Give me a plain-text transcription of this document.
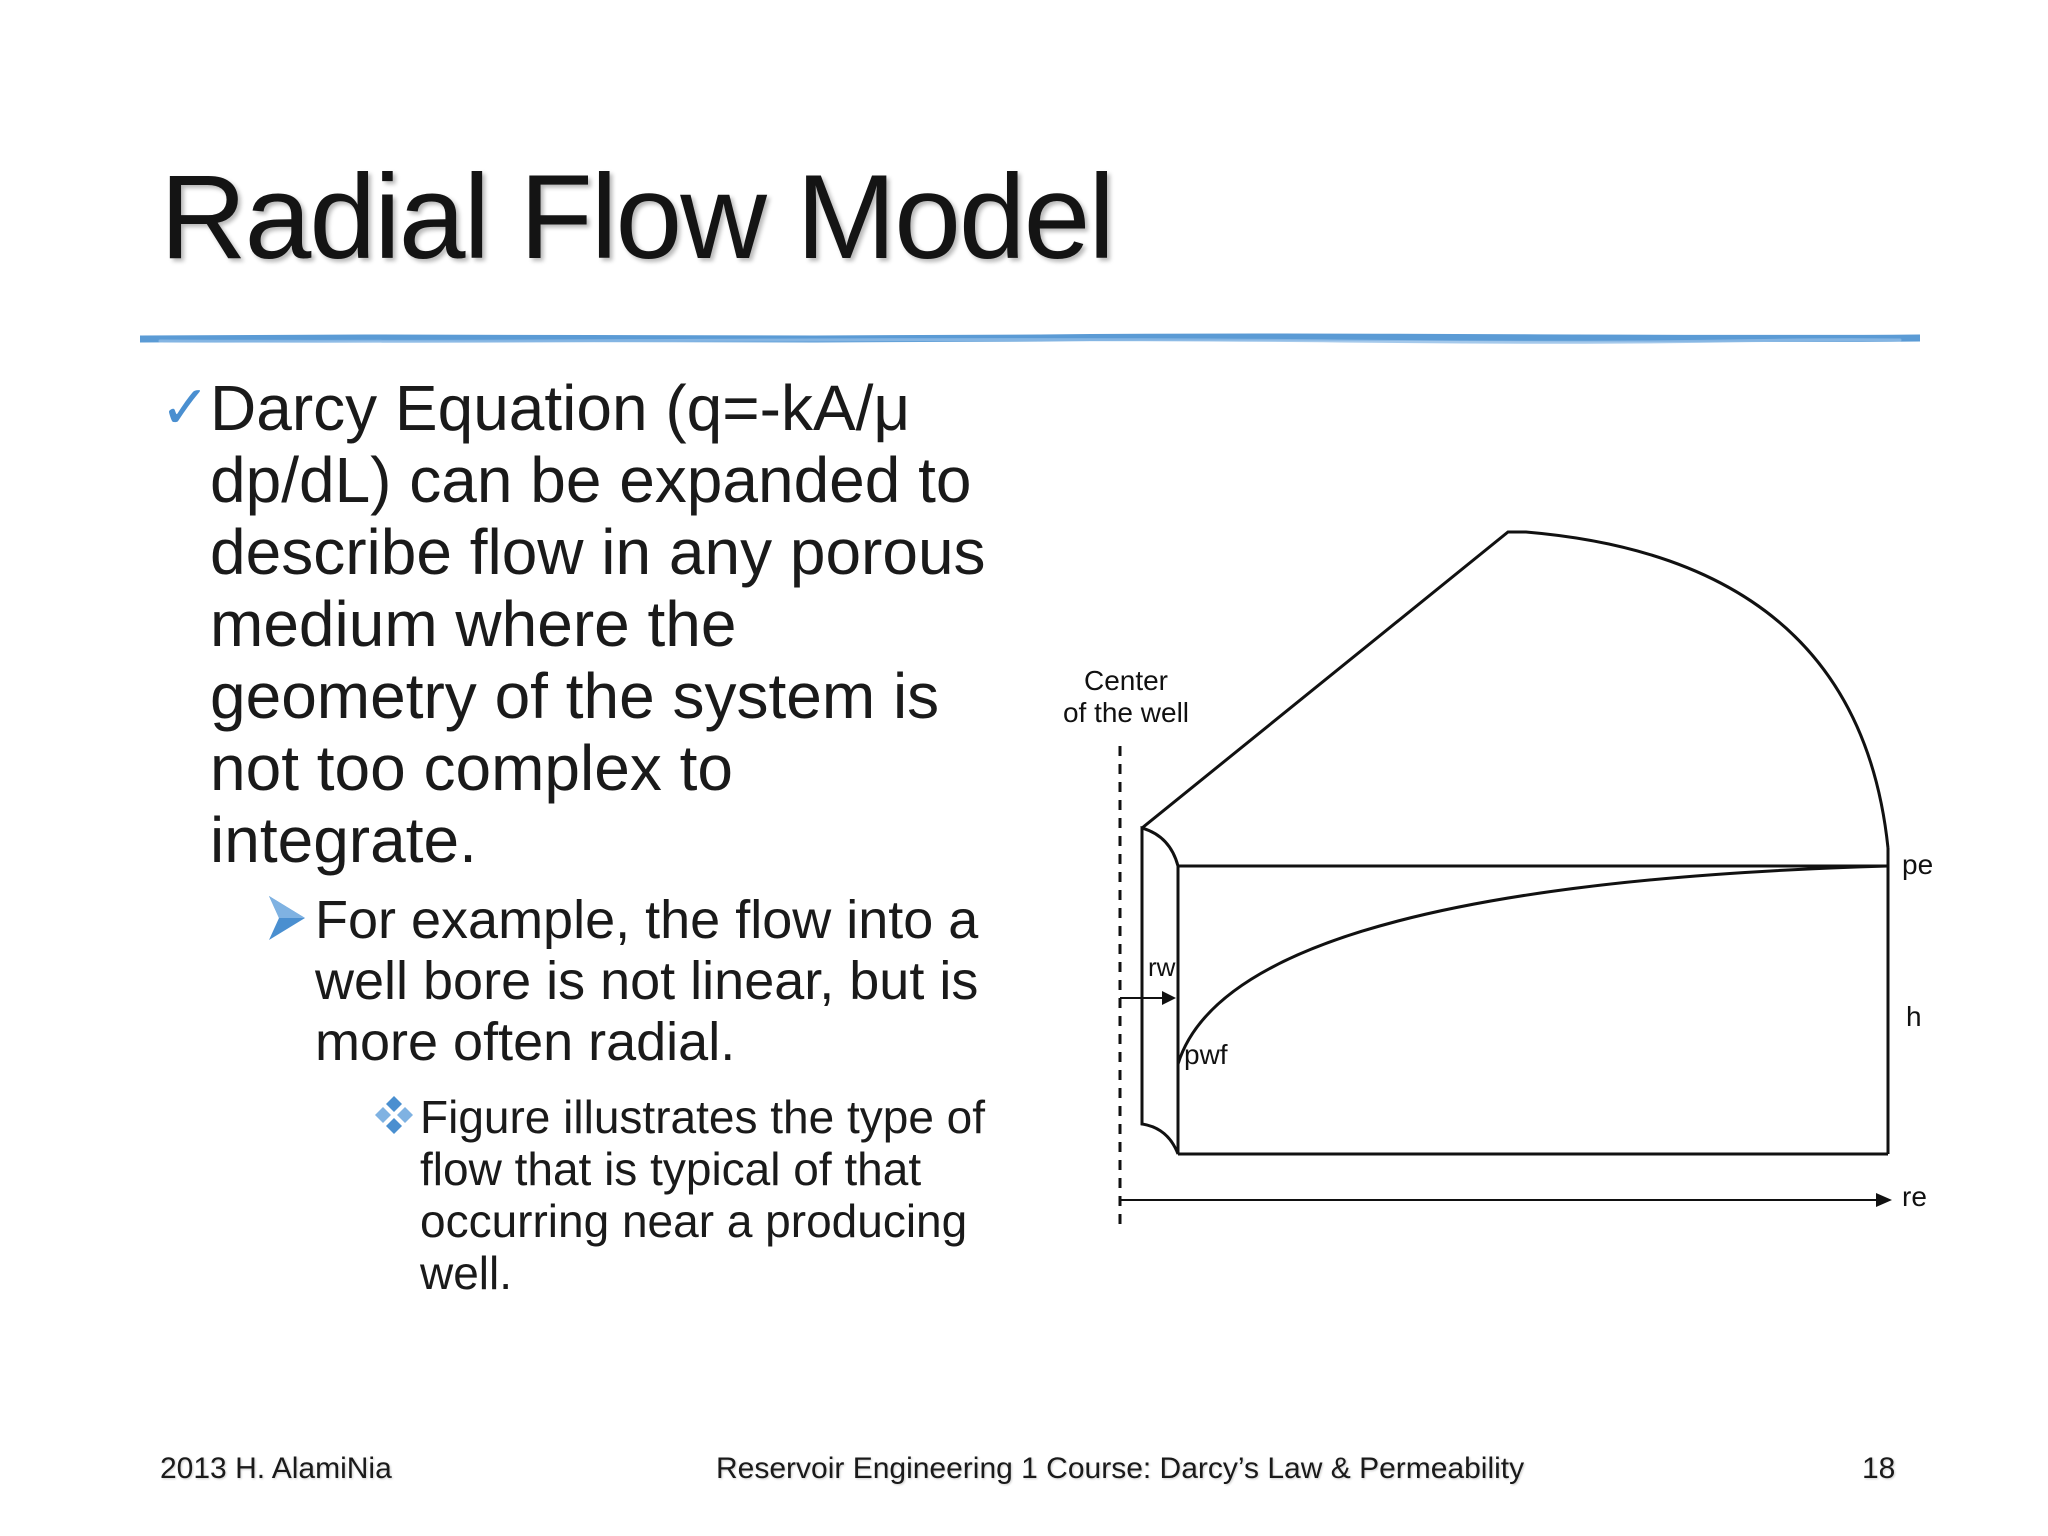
Radial Flow Model
✓ Darcy Equation (q=-kA/μ dp/dL) can be expanded to describe flow in any porous medium where the geometry of the system is not too complex to integrate.
For example, the flow into a well bore is not linear, but is more often radial.
Figure illustrates the type of flow that is typical of that occurring near a producing well.
Center
of the well
rw
pwf
pe
h
re
2013 H. AlamiNia	Reservoir Engineering 1 Course: Darcy’s Law & Permeability	18
